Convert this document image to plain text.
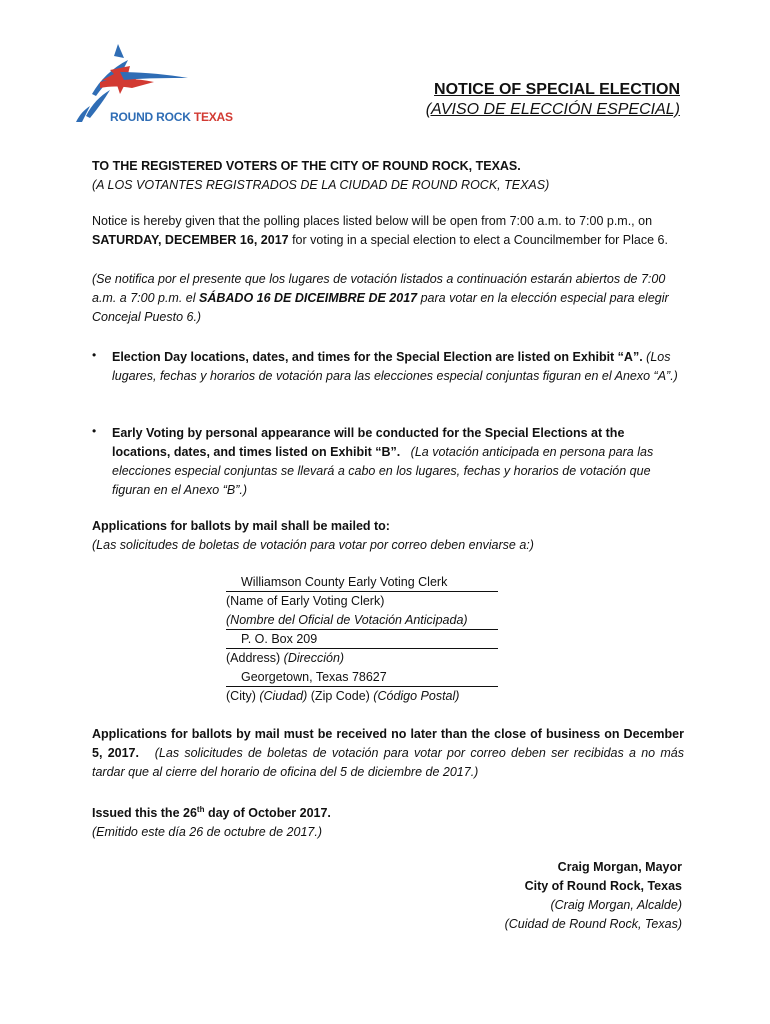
ROUND ROCK TEXAS
NOTICE OF SPECIAL ELECTION
(AVISO DE ELECCIÓN ESPECIAL)

TO THE REGISTERED VOTERS OF THE CITY OF ROUND ROCK, TEXAS.

(A LOS VOTANTES REGISTRADOS DE LA CIUDAD DE ROUND ROCK, TEXAS)

Notice is hereby given that the polling places listed below will be open from 7:00 a.m. to 7:00 p.m., on SATURDAY, DECEMBER 16, 2017 for voting in a special election to elect a Councilmember for Place 6.

(Se notifica por el presente que los lugares de votación listados a continuación estarán abiertos de 7:00 a.m. a 7:00 p.m. el SÁBADO 16 DE DICEIMBRE DE 2017 para votar en la elección especial para elegir Concejal Puesto 6.)

• Election Day locations, dates, and times for the Special Election are listed on Exhibit “A”. (Los lugares, fechas y horarios de votación para las elecciones especial conjuntas figuran en el Anexo “A”.)

• Early Voting by personal appearance will be conducted for the Special Elections at the locations, dates, and times listed on Exhibit “B”. (La votación anticipada en persona para las elecciones especial conjuntas se llevará a cabo en los lugares, fechas y horarios de votación que figuran en el Anexo “B”.)

Applications for ballots by mail shall be mailed to:

(Las solicitudes de boletas de votación para votar por correo deben enviarse a:)

Williamson County Early Voting Clerk
(Name of Early Voting Clerk)
(Nombre del Oficial de Votación Anticipada)
P. O. Box 209
(Address) (Dirección)
Georgetown, Texas 78627
(City) (Ciudad) (Zip Code) (Código Postal)

Applications for ballots by mail must be received no later than the close of business on December 5, 2017. (Las solicitudes de boletas de votación para votar por correo deben ser recibidas a no más tardar que al cierre del horario de oficina del 5 de diciembre de 2017.)

Issued this the 26th day of October 2017.

(Emitido este día 26 de octubre de 2017.)

Craig Morgan, Mayor

City of Round Rock, Texas

(Craig Morgan, Alcalde)

(Cuidad de Round Rock, Texas)
